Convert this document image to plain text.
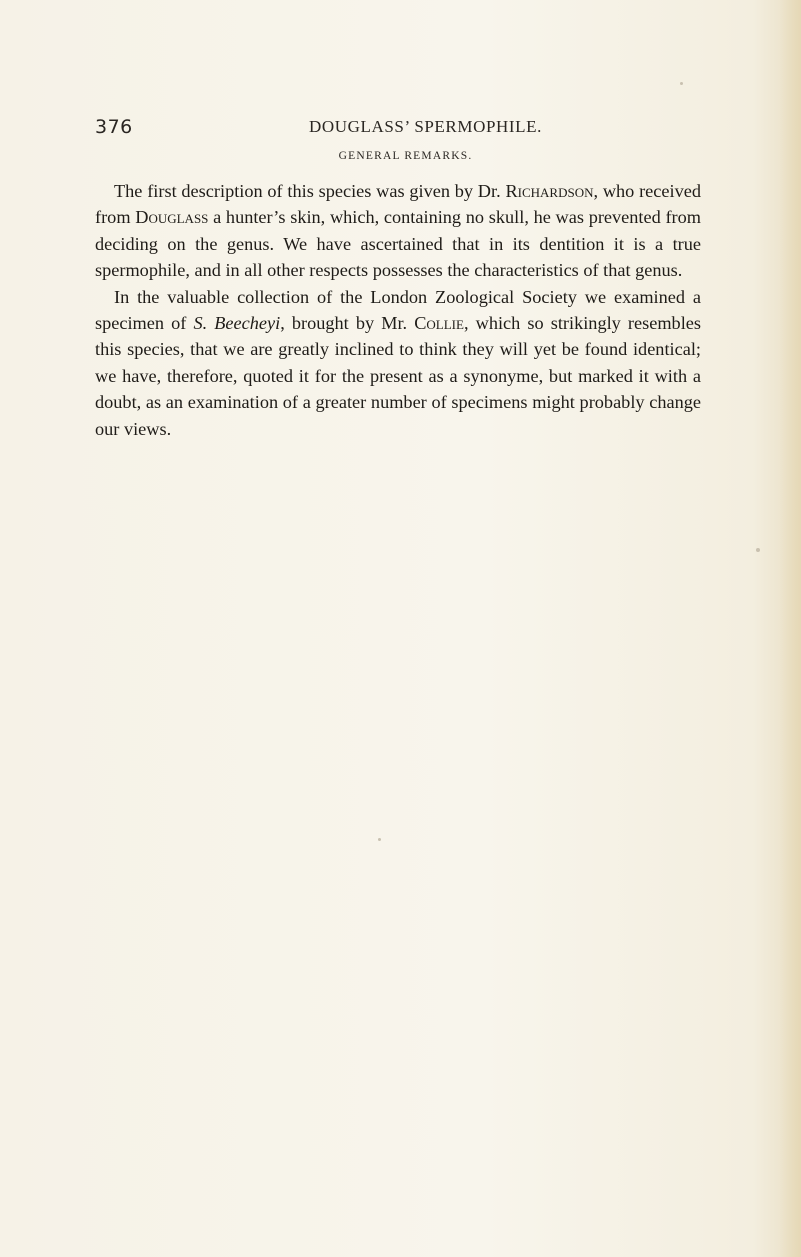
376	DOUGLASS’ SPERMOPHILE.
GENERAL REMARKS.

The first description of this species was given by Dr. Richardson, who received from Douglass a hunter’s skin, which, containing no skull, he was prevented from deciding on the genus. We have ascertained that in its dentition it is a true spermophile, and in all other respects possesses the characteristics of that genus.

In the valuable collection of the London Zoological Society we examined a specimen of S. Beecheyi, brought by Mr. Collie, which so strikingly resembles this species, that we are greatly inclined to think they will yet be found identical; we have, therefore, quoted it for the present as a synonyme, but marked it with a doubt, as an examination of a greater number of specimens might probably change our views.
